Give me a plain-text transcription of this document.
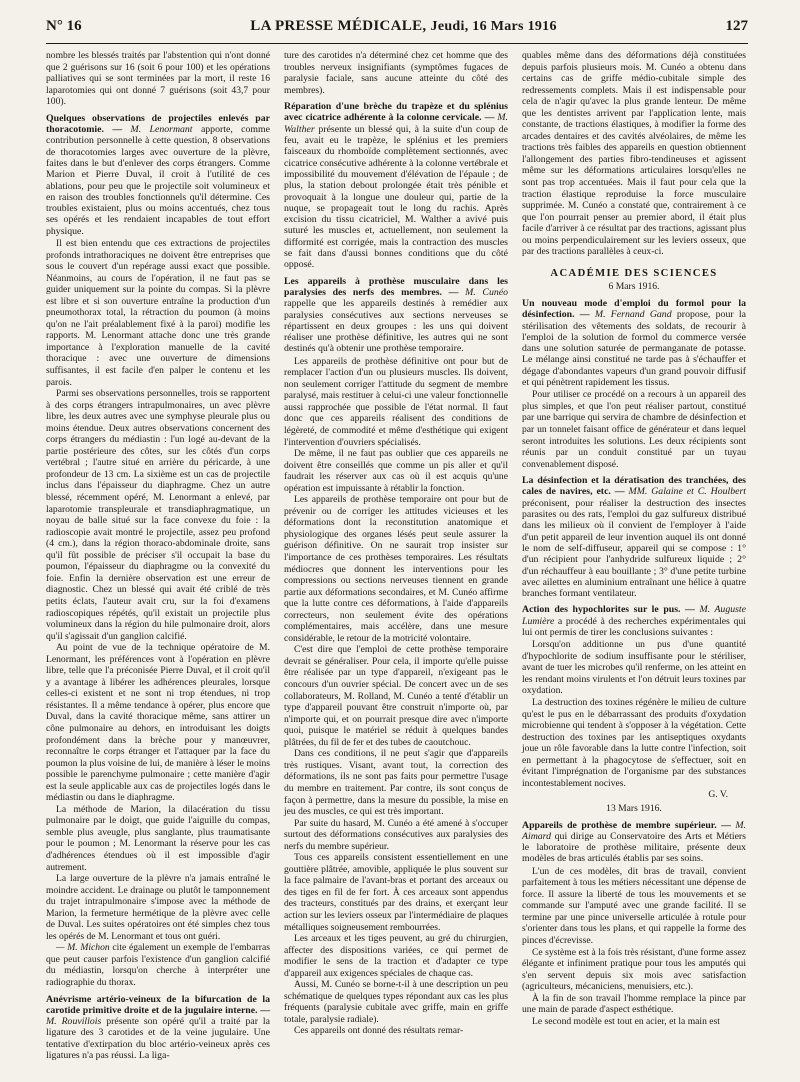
N° 16	LA PRESSE MÉDICALE, Jeudi, 16 Mars 1916	127

nombre les blessés traités par l'abstention qui n'ont donné que 2 guérisons sur 16 (soit 6 pour 100) et les opérations palliatives qui se sont terminées par la mort, il reste 16 laparotomies qui ont donné 7 guérisons (soit 43,7 pour 100).

Quelques observations de projectiles enlevés par thoracotomie. — M. Lenormant apporte, comme contribution personnelle à cette question, 8 observations de thoracotomies larges avec ouverture de la plèvre, faites dans le but d'enlever des corps étrangers. Comme Marion et Pierre Duval, il croit à l'utilité de ces ablations, pour peu que le projectile soit volumineux et en raison des troubles fonctionnels qu'il détermine. Ces troubles existaient, plus ou moins accentués, chez tous ses opérés et les rendaient incapables de tout effort physique.

Il est bien entendu que ces extractions de projectiles profonds intrathoraciques ne doivent être entreprises que sous le couvert d'un repérage aussi exact que possible. Néanmoins, au cours de l'opération, il ne faut pas se guider uniquement sur la pointe du compas. Si la plèvre est libre et si son ouverture entraîne la production d'un pneumothorax total, la rétraction du poumon (à moins qu'on ne l'ait préalablement fixé à la paroi) modifie les rapports. M. Lenormant attache donc une très grande importance à l'exploration manuelle de la cavité thoracique : avec une ouverture de dimensions suffisantes, il est facile d'en palper le contenu et les parois.

Parmi ses observations personnelles, trois se rapportent à des corps étrangers intrapulmonaires, un avec plèvre libre, les deux autres avec une symphyse pleurale plus ou moins étendue. Deux autres observations concernent des corps étrangers du médiastin : l'un logé au-devant de la partie postérieure des côtes, sur les côtés d'un corps vertébral ; l'autre situé en arrière du péricarde, à une profondeur de 13 cm. La sixième est un cas de projectile inclus dans l'épaisseur du diaphragme. Chez un autre blessé, récemment opéré, M. Lenormant a enlevé, par laparotomie transpleurale et transdiaphragmatique, un noyau de balle situé sur la face convexe du foie : la radioscopie avait montré le projectile, assez peu profond (4 cm.), dans la région thoraco-abdominale droite, sans qu'il fût possible de préciser s'il occupait la base du poumon, l'épaisseur du diaphragme ou la convexité du foie. Enfin la dernière observation est une erreur de diagnostic. Chez un blessé qui avait été criblé de très petits éclats, l'auteur avait cru, sur la foi d'examens radioscopiques répétés, qu'il existait un projectile plus volumineux dans la région du hile pulmonaire droit, alors qu'il s'agissait d'un ganglion calcifié.

Au point de vue de la technique opératoire de M. Lenormant, les préférences vont à l'opération en plèvre libre, telle que l'a préconisée Pierre Duval, et il croit qu'il y a avantage à libérer les adhérences pleurales, lorsque celles-ci existent et ne sont ni trop étendues, ni trop résistantes. Il a même tendance à opérer, plus encore que Duval, dans la cavité thoracique même, sans attirer un cône pulmonaire au dehors, en introduisant les doigts profondément dans la brèche pour y manœuvrer, reconnaître le corps étranger et l'attaquer par la face du poumon la plus voisine de lui, de manière à léser le moins possible le parenchyme pulmonaire ; cette manière d'agir est la seule applicable aux cas de projectiles logés dans le médiastin ou dans le diaphragme.

La méthode de Marion, la dilacération du tissu pulmonaire par le doigt, que guide l'aiguille du compas, semble plus aveugle, plus sanglante, plus traumatisante pour le poumon ; M. Lenormant la réserve pour les cas d'adhérences étendues où il est impossible d'agir autrement.

La large ouverture de la plèvre n'a jamais entraîné le moindre accident. Le drainage ou plutôt le tamponnement du trajet intrapulmonaire s'impose avec la méthode de Marion, la fermeture hermétique de la plèvre avec celle de Duval. Les suites opératoires ont été simples chez tous les opérés de M. Lenormant et tous ont guéri.

— M. Michon cite également un exemple de l'embarras que peut causer parfois l'existence d'un ganglion calcifié du médiastin, lorsqu'on cherche à interpréter une radiographie du thorax.

Anévrisme artério-veineux de la bifurcation de la carotide primitive droite et de la jugulaire interne. — M. Rouvillois présente son opéré qu'il a traité par la ligature des 3 carotides et de la veine jugulaire. Une tentative d'extirpation du bloc artério-veineux après ces ligatures n'a pas réussi. La liga-

ture des carotides n'a déterminé chez cet homme que des troubles nerveux insignifiants (symptômes fugaces de paralysie faciale, sans aucune atteinte du côté des membres).

Réparation d'une brèche du trapèze et du splénius avec cicatrice adhérente à la colonne cervicale. — M. Walther présente un blessé qui, à la suite d'un coup de feu, avait eu le trapèze, le splénius et les premiers faisceaux du rhomboïde complètement sectionnés, avec cicatrice consécutive adhérente à la colonne vertébrale et impossibilité du mouvement d'élévation de l'épaule ; de plus, la station debout prolongée était très pénible et provoquait à la longue une douleur qui, partie de la nuque, se propageait tout le long du rachis. Après excision du tissu cicatriciel, M. Walther a avivé puis suturé les muscles et, actuellement, non seulement la difformité est corrigée, mais la contraction des muscles se fait dans d'aussi bonnes conditions que du côté opposé.
Les appareils à prothèse musculaire dans les paralysies des nerfs des membres. — M. Cunéo rappelle que les appareils destinés à remédier aux paralysies consécutives aux sections nerveuses se répartissent en deux groupes : les uns qui doivent réaliser une prothèse définitive, les autres qui ne sont destinés qu'à obtenir une prothèse temporaire.

Les appareils de prothèse définitive ont pour but de remplacer l'action d'un ou plusieurs muscles. Ils doivent, non seulement corriger l'attitude du segment de membre paralysé, mais restituer à celui-ci une valeur fonctionnelle aussi rapprochée que possible de l'état normal. Il faut donc que ces appareils réalisent des conditions de légèreté, de commodité et même d'esthétique qui exigent l'intervention d'ouvriers spécialisés.

De même, il ne faut pas oublier que ces appareils ne doivent être conseillés que comme un pis aller et qu'il faudrait les réserver aux cas où il est acquis qu'une opération est impuissante à rétablir la fonction.

Les appareils de prothèse temporaire ont pour but de prévenir ou de corriger les attitudes vicieuses et les déformations dont la reconstitution anatomique et physiologique des organes lésés peut seule assurer la guérison définitive. On ne saurait trop insister sur l'importance de ces prothèses temporaires. Les résultats médiocres que donnent les interventions pour les compressions ou sections nerveuses tiennent en grande partie aux déformations secondaires, et M. Cunéo affirme que la lutte contre ces déformations, à l'aide d'appareils correcteurs, non seulement évite des opérations complémentaires, mais accélère, dans une mesure considérable, le retour de la motricité volontaire.

C'est dire que l'emploi de cette prothèse temporaire devrait se généraliser. Pour cela, il importe qu'elle puisse être réalisée par un type d'appareil, n'exigeant pas le concours d'un ouvrier spécial. De concert avec un de ses collaborateurs, M. Rolland, M. Cunéo a tenté d'établir un type d'appareil pouvant être construit n'importe où, par n'importe qui, et on pourrait presque dire avec n'importe quoi, puisque le matériel se réduit à quelques bandes plâtrées, du fil de fer et des tubes de caoutchouc.

Dans ces conditions, il ne peut s'agir que d'appareils très rustiques. Visant, avant tout, la correction des déformations, ils ne sont pas faits pour permettre l'usage du membre en traitement. Par contre, ils sont conçus de façon à permettre, dans la mesure du possible, la mise en jeu des muscles, ce qui est très important.

Par suite du hasard, M. Cunéo a été amené à s'occuper surtout des déformations consécutives aux paralysies des nerfs du membre supérieur.

Tous ces appareils consistent essentiellement en une gouttière plâtrée, amovible, appliquée le plus souvent sur la face palmaire de l'avant-bras et portant des arceaux ou des tiges en fil de fer fort. À ces arceaux sont appendus des tracteurs, constitués par des drains, et exerçant leur action sur les leviers osseux par l'intermédiaire de plaques métalliques soigneusement rembourrées.

Les arceaux et les tiges peuvent, au gré du chirurgien, affecter des dispositions variées, ce qui permet de modifier le sens de la traction et d'adapter ce type d'appareil aux exigences spéciales de chaque cas.

Aussi, M. Cunéo se borne-t-il à une description un peu schématique de quelques types répondant aux cas les plus fréquents (paralysie cubitale avec griffe, main en griffe totale, paralysie radiale).

Ces appareils ont donné des résultats remar-

quables même dans des déformations déjà constituées depuis parfois plusieurs mois. M. Cunéo a obtenu dans certains cas de griffe médio-cubitale simple des redressements complets. Mais il est indispensable pour cela de n'agir qu'avec la plus grande lenteur. De même que les dentistes arrivent par l'application lente, mais constante, de tractions élastiques, à modifier la forme des arcades dentaires et des cavités alvéolaires, de même les tractions très faibles des appareils en question obtiennent l'allongement des parties fibro-tendineuses et agissent même sur les déformations articulaires lorsqu'elles ne sont pas trop accentuées. Mais il faut pour cela que la traction élastique reproduise la force musculaire supprimée. M. Cunéo a constaté que, contrairement à ce que l'on pourrait penser au premier abord, il était plus facile d'arriver à ce résultat par des tractions, agissant plus ou moins perpendiculairement sur les leviers osseux, que par des tractions parallèles à ceux-ci.

ACADÉMIE DES SCIENCES
6 Mars 1916.
Un nouveau mode d'emploi du formol pour la désinfection. — M. Fernand Gand propose, pour la stérilisation des vêtements des soldats, de recourir à l'emploi de la solution de formol du commerce versée dans une solution saturée de permanganate de potasse. Le mélange ainsi constitué ne tarde pas à s'échauffer et dégage d'abondantes vapeurs d'un grand pouvoir diffusif et qui pénètrent rapidement les tissus.

Pour utiliser ce procédé on a recours à un appareil des plus simples, et que l'on peut réaliser partout, constitué par une barrique qui servira de chambre de désinfection et par un tonnelet faisant office de générateur et dans lequel seront introduites les solutions. Les deux récipients sont réunis par un conduit constitué par un tuyau convenablement disposé.

La désinfection et la dératisation des tranchées, des cales de navires, etc. — MM. Galaine et C. Houlbert préconisent, pour réaliser la destruction des insectes parasites ou des rats, l'emploi du gaz sulfureux distribué dans les milieux où il convient de l'employer à l'aide d'un petit appareil de leur invention auquel ils ont donné le nom de self-diffuseur, appareil qui se compose : 1° d'un récipient pour l'anhydride sulfureux liquide ; 2° d'un réchauffeur à eau bouillante ; 3° d'une petite turbine avec ailettes en aluminium entraînant une hélice à quatre branches formant ventilateur.
Action des hypochlorites sur le pus. — M. Auguste Lumière a procédé à des recherches expérimentales qui lui ont permis de tirer les conclusions suivantes :

Lorsqu'on additionne un pus d'une quantité d'hypochlorite de sodium insuffisante pour le stériliser, avant de tuer les microbes qu'il renferme, on les atteint en les rendant moins virulents et l'on détruit leurs toxines par oxydation.

La destruction des toxines régénère le milieu de culture qu'est le pus en le débarrassant des produits d'oxydation microbienne qui tendent à s'opposer à la végétation. Cette destruction des toxines par les antiseptiques oxydants joue un rôle favorable dans la lutte contre l'infection, soit en permettant à la phagocytose de s'effectuer, soit en évitant l'imprégnation de l'organisme par des substances incontestablement nocives.

G. V.
13 Mars 1916.
Appareils de prothèse de membre supérieur. — M. Aimard qui dirige au Conservatoire des Arts et Métiers le laboratoire de prothèse militaire, présente deux modèles de bras articulés établis par ses soins.

L'un de ces modèles, dit bras de travail, convient parfaitement à tous les métiers nécessitant une dépense de force. Il assure la liberté de tous les mouvements et se commande sur l'amputé avec une grande facilité. Il se termine par une pince universelle articulée à rotule pour s'orienter dans tous les plans, et qui rappelle la forme des pinces d'écrevisse.

Ce système est à la fois très résistant, d'une forme assez élégante et infiniment pratique pour tous les amputés qui s'en servent depuis six mois avec satisfaction (agriculteurs, mécaniciens, menuisiers, etc.).

À la fin de son travail l'homme remplace la pince par une main de parade d'aspect esthétique.

Le second modèle est tout en acier, et la main est
